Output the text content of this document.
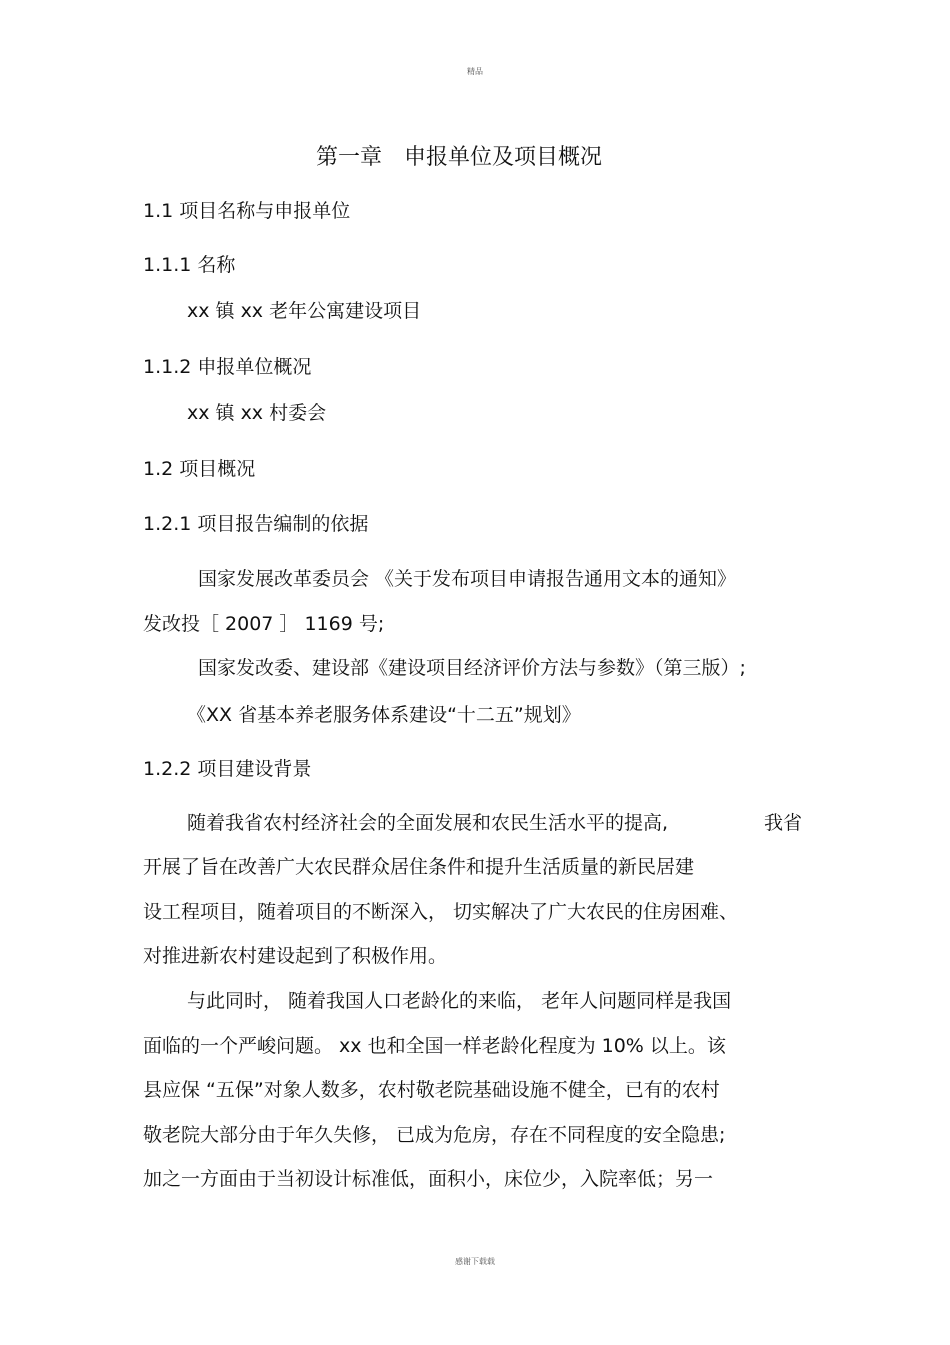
精品
第一章　申报单位及项目概况
1.1 项目名称与申报单位
1.1.1 名称
xx 镇 xx 老年公寓建设项目
1.1.2 申报单位概况
xx 镇 xx 村委会
1.2 项目概况
1.2.1 项目报告编制的依据
国家发展改革委员会 《关于发布项目申请报告通用文本的通知》
发改投［ 2007 ］ 1169 号;
国家发改委、建设部《建设项目经济评价方法与参数》（第三版）;
《XX 省基本养老服务体系建设“十二五”规划》
1.2.2 项目建设背景
随着我省农村经济社会的全面发展和农民生活水平的提高,	我省
开展了旨在改善广大农民群众居住条件和提升生活质量的新民居建
设工程项目，随着项目的不断深入， 切实解决了广大农民的住房困难、
对推进新农村建设起到了积极作用。
与此同时， 随着我国人口老龄化的来临， 老年人问题同样是我国
面临的一个严峻问题。 xx 也和全国一样老龄化程度为 10% 以上。该
县应保 “五保”对象人数多，农村敬老院基础设施不健全，已有的农村
敬老院大部分由于年久失修， 已成为危房，存在不同程度的安全隐患;
加之一方面由于当初设计标准低，面积小，床位少，入院率低；另一
感谢下载载
